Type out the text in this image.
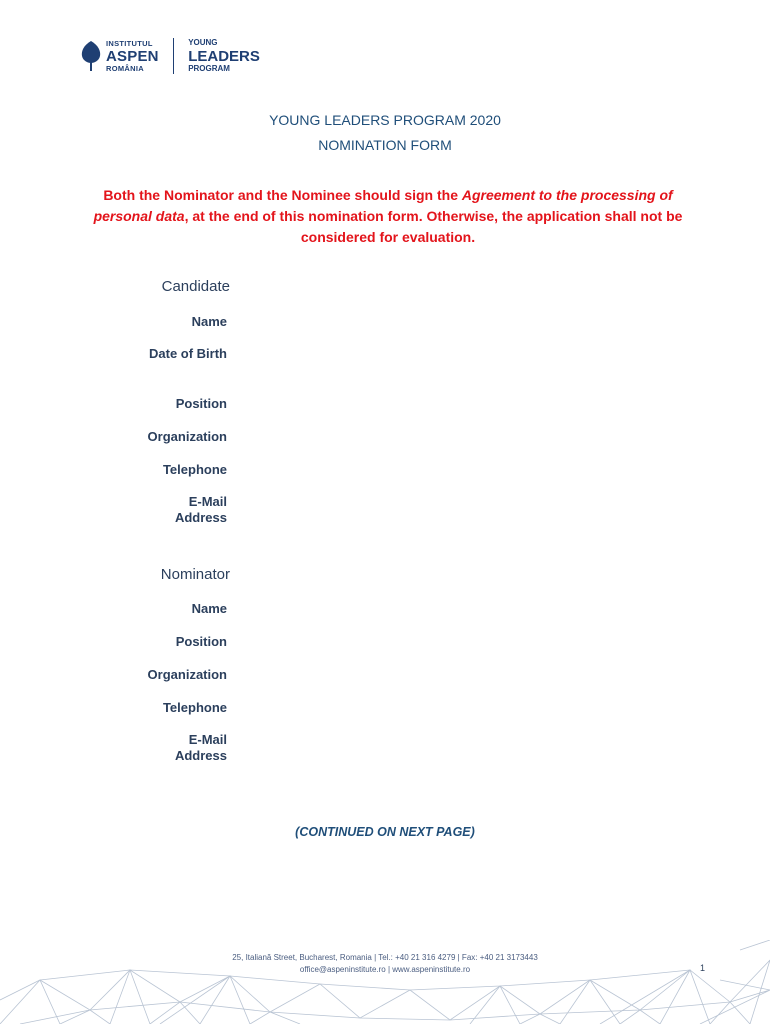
INSTITUTUL
ASPEN
ROMÂNIA
YOUNG
LEADERS
PROGRAM
YOUNG LEADERS PROGRAM 2020
NOMINATION FORM
Both the Nominator and the Nominee should sign the Agreement to the processing of personal data, at the end of this nomination form. Otherwise, the application shall not be considered for evaluation.
Candidate
Name
Date of Birth
Position
Organization
Telephone
E-Mail Address
Nominator
Name
Position
Organization
Telephone
E-Mail Address
(CONTINUED ON NEXT PAGE)
25, Italiană Street, Bucharest, Romania | Tel.: +40 21 316 4279 | Fax: +40 21 3173443
office@aspeninstitute.ro | www.aspeninstitute.ro	1
